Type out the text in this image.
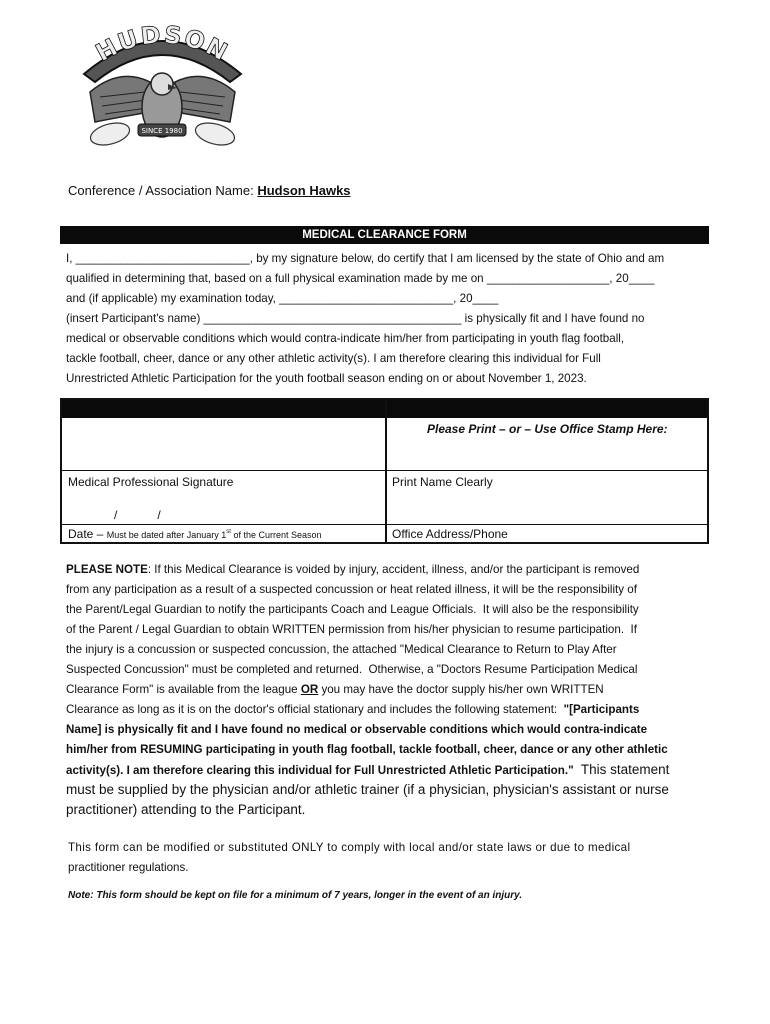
HUDSON
SINCE 1980
Conference / Association Name: Hudson Hawks
MEDICAL CLEARANCE FORM
I, ___________________________, by my signature below, do certify that I am licensed by the state of Ohio and am
qualified in determining that, based on a full physical examination made by me on ___________________, 20____
and (if applicable) my examination today, ___________________________, 20____
(insert Participant's name) ________________________________________ is physically fit and I have found no
medical or observable conditions which would contra-indicate him/her from participating in youth flag football,
tackle football, cheer, dance or any other athletic activity(s). I am therefore clearing this individual for Full
Unrestricted Athletic Participation for the youth football season ending on or about November 1, 2023.
Please Print – or – Use Office Stamp Here:
Medical Professional Signature	Print Name Clearly
/            /
Date – Must be dated after January 1st of the Current Season	Office Address/Phone
PLEASE NOTE: If this Medical Clearance is voided by injury, accident, illness, and/or the participant is removed
from any participation as a result of a suspected concussion or heat related illness, it will be the responsibility of
the Parent/Legal Guardian to notify the participants Coach and League Officials.  It will also be the responsibility
of the Parent / Legal Guardian to obtain WRITTEN permission from his/her physician to resume participation.  If
the injury is a concussion or suspected concussion, the attached "Medical Clearance to Return to Play After
Suspected Concussion" must be completed and returned.  Otherwise, a "Doctors Resume Participation Medical
Clearance Form" is available from the league OR you may have the doctor supply his/her own WRITTEN
Clearance as long as it is on the doctor's official stationary and includes the following statement:  "[Participants
Name] is physically fit and I have found no medical or observable conditions which would contra-indicate
him/her from RESUMING participating in youth flag football, tackle football, cheer, dance or any other athletic
activity(s). I am therefore clearing this individual for Full Unrestricted Athletic Participation."  This statement
must be supplied by the physician and/or athletic trainer (if a physician, physician's assistant or nurse
practitioner) attending to the Participant.
This form can be modified or substituted ONLY to comply with local and/or state laws or due to medical
practitioner regulations.
Note: This form should be kept on file for a minimum of 7 years, longer in the event of an injury.
